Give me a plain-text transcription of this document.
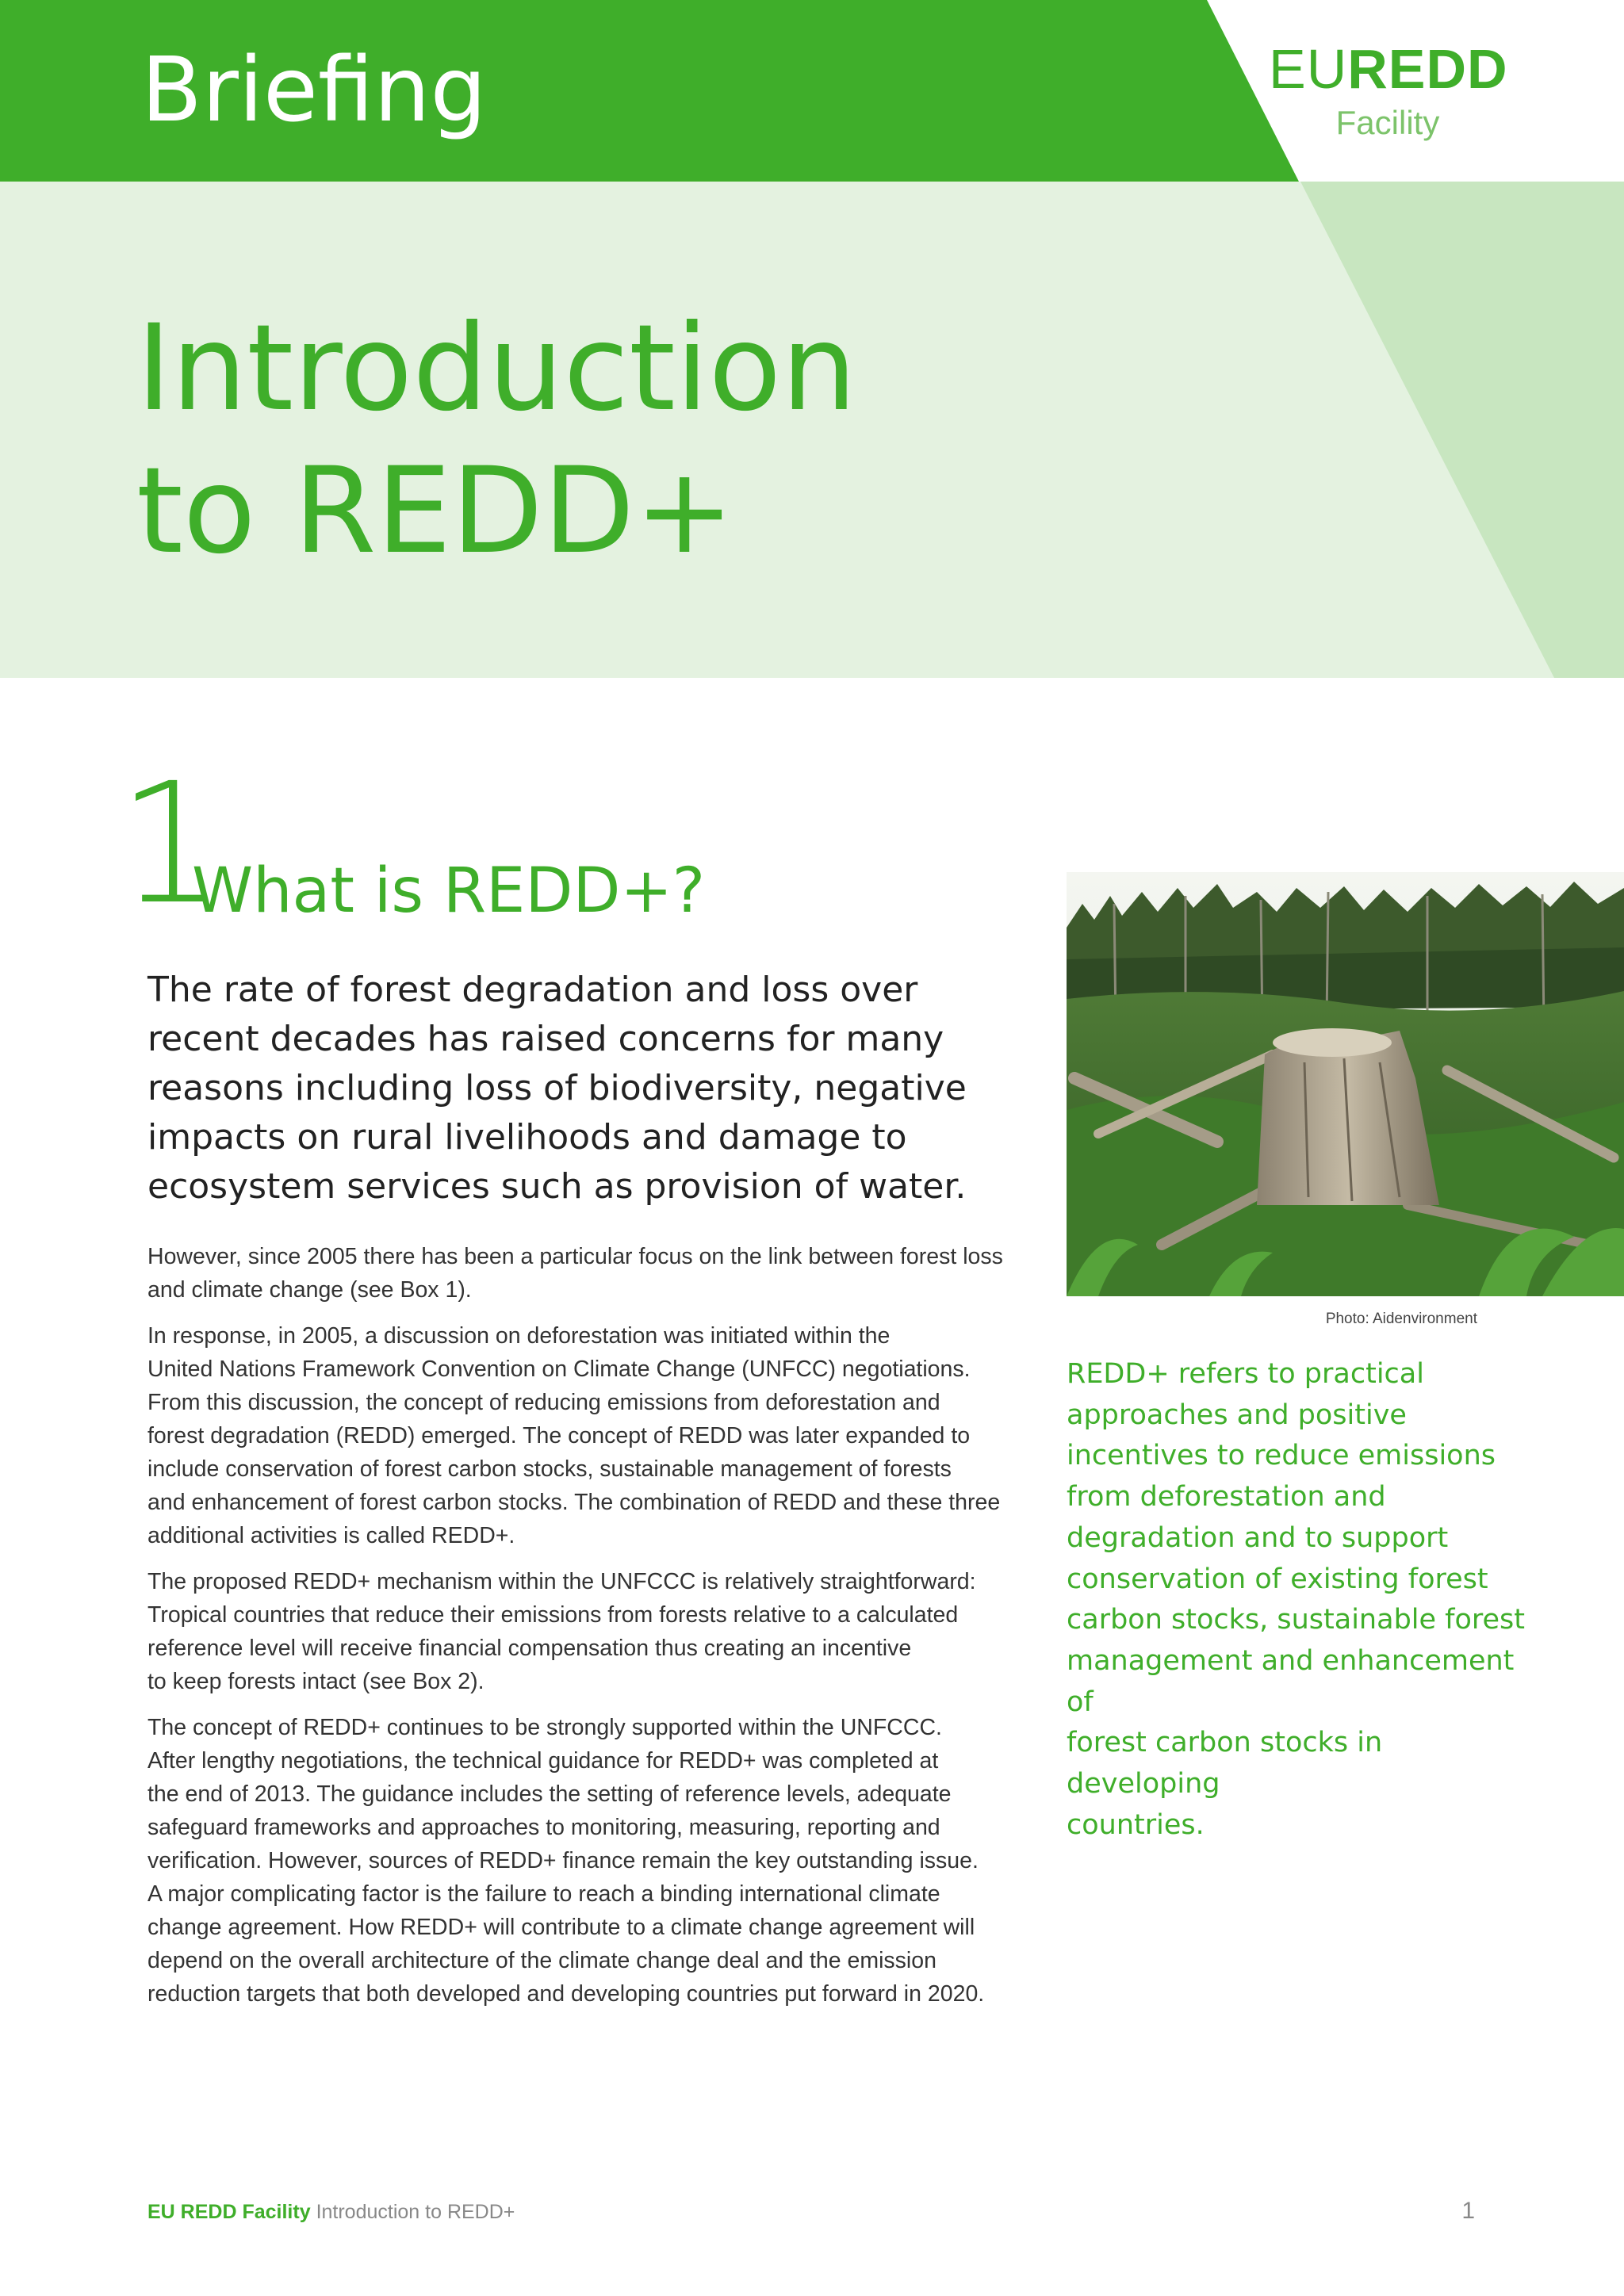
Briefing	EUREDD
Facility
Introduction
to REDD+
1
What is REDD+?

The rate of forest degradation and loss over recent decades has raised concerns for many reasons including loss of biodiversity, negative impacts on rural livelihoods and damage to ecosystem services such as provision of water.

However, since 2005 there has been a particular focus on the link between forest loss
and climate change (see Box 1).

In response, in 2005, a discussion on deforestation was initiated within the
United Nations Framework Convention on Climate Change (UNFCC) negotiations.
From this discussion, the concept of reducing emissions from deforestation and
forest degradation (REDD) emerged. The concept of REDD was later expanded to
include conservation of forest carbon stocks, sustainable management of forests
and enhancement of forest carbon stocks. The combination of REDD and these three
additional activities is called REDD+.

The proposed REDD+ mechanism within the UNFCCC is relatively straightforward:
Tropical countries that reduce their emissions from forests relative to a calculated
reference level will receive financial compensation thus creating an incentive
to keep forests intact (see Box 2).

The concept of REDD+ continues to be strongly supported within the UNFCCC.
After lengthy negotiations, the technical guidance for REDD+ was completed at
the end of 2013. The guidance includes the setting of reference levels, adequate
safeguard frameworks and approaches to monitoring, measuring, reporting and
verification. However, sources of REDD+ finance remain the key outstanding issue.
A major complicating factor is the failure to reach a binding international climate
change agreement. How REDD+ will contribute to a climate change agreement will
depend on the overall architecture of the climate change deal and the emission
reduction targets that both developed and developing countries put forward in 2020.

Photo: Aidenvironment

REDD+ refers to practical
approaches and positive
incentives to reduce emissions
from deforestation and
degradation and to support
conservation of existing forest
carbon stocks, sustainable forest
management and enhancement of
forest carbon stocks in developing
countries.

EU REDD Facility Introduction to REDD+	1
